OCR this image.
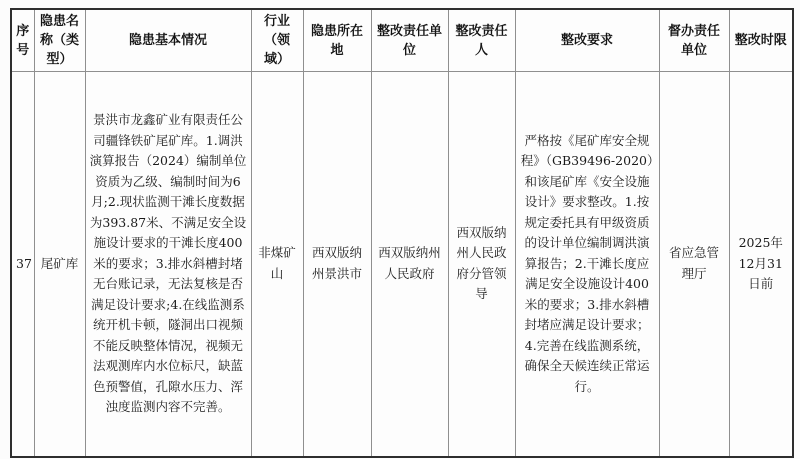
序号	隐患名称（类型）	隐患基本情况	行业（领域）	隐患所在地	整改责任单位	整改责任人	整改要求	督办责任单位	整改时限
37	尾矿库	景洪市龙鑫矿业有限责任公司疆锋铁矿尾矿库。1.调洪演算报告（2024）编制单位资质为乙级、编制时间为6月;2.现状监测干滩长度数据为393.87米、不满足安全设施设计要求的干滩长度400米的要求；3.排水斜槽封堵无台账记录，无法复核是否满足设计要求;4.在线监测系统开机卡顿，隧洞出口视频不能反映整体情况，视频无法观测库内水位标尺，缺蓝色预警值，孔隙水压力、浑浊度监测内容不完善。	非煤矿山	西双版纳州景洪市	西双版纳州人民政府	西双版纳州人民政府分管领导	严格按《尾矿库安全规程》（GB39496-2020）和该尾矿库《安全设施设计》要求整改。1.按规定委托具有甲级资质的设计单位编制调洪演算报告；2.干滩长度应满足安全设施设计400米的要求；3.排水斜槽封堵应满足设计要求；4.完善在线监测系统，确保全天候连续正常运行。	省应急管理厅	2025年12月31日前
